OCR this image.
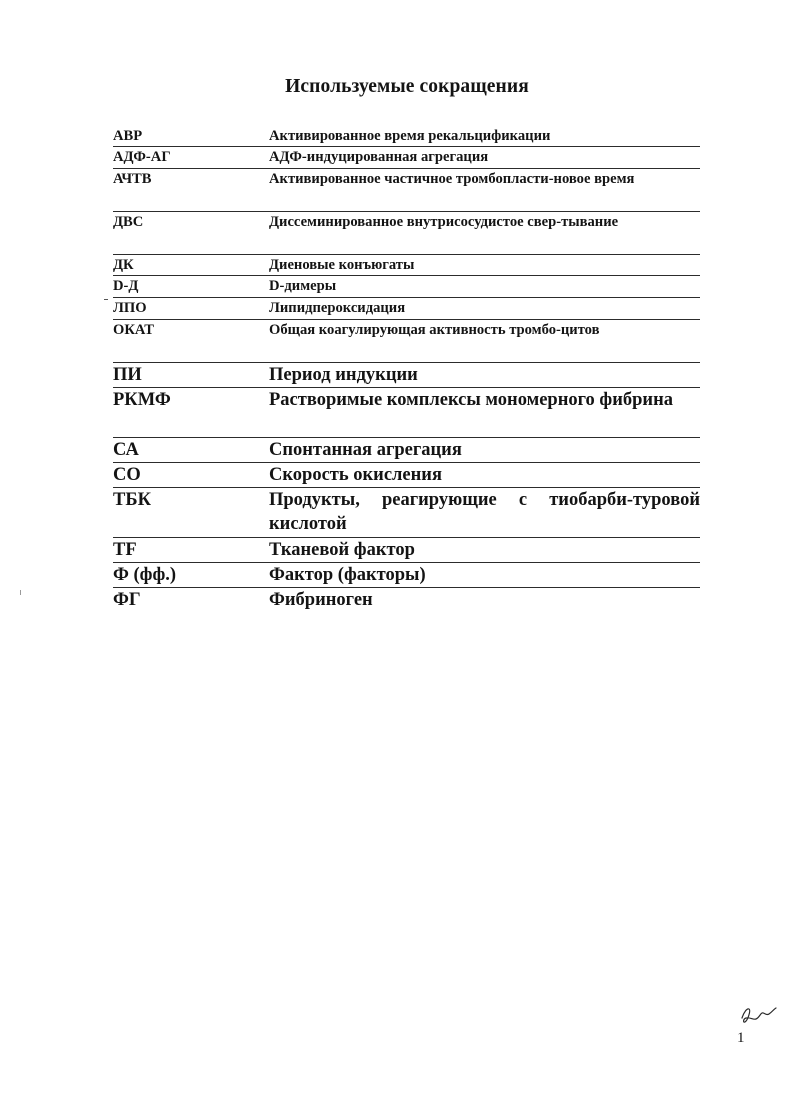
Используемые сокращения
АВР	Активированное время рекальцификации
АДФ-АГ	АДФ-индуцированная агрегация
АЧТВ	Активированное частичное тромбопласти-новое время
ДВС	Диссеминированное внутрисосудистое свер-тывание
ДК	Диеновые конъюгаты
D-Д	D-димеры
ЛПО	Липидпероксидация
ОКАТ	Общая коагулирующая активность тромбо-цитов
ПИ	Период индукции
РКМФ	Растворимые комплексы мономерного фибрина
СА	Спонтанная агрегация
СО	Скорость окисления
ТБК	Продукты, реагирующие с тиобарби-туровой кислотой
TF	Тканевой фактор
Ф (фф.)	Фактор (факторы)
ФГ	Фибриноген
1
